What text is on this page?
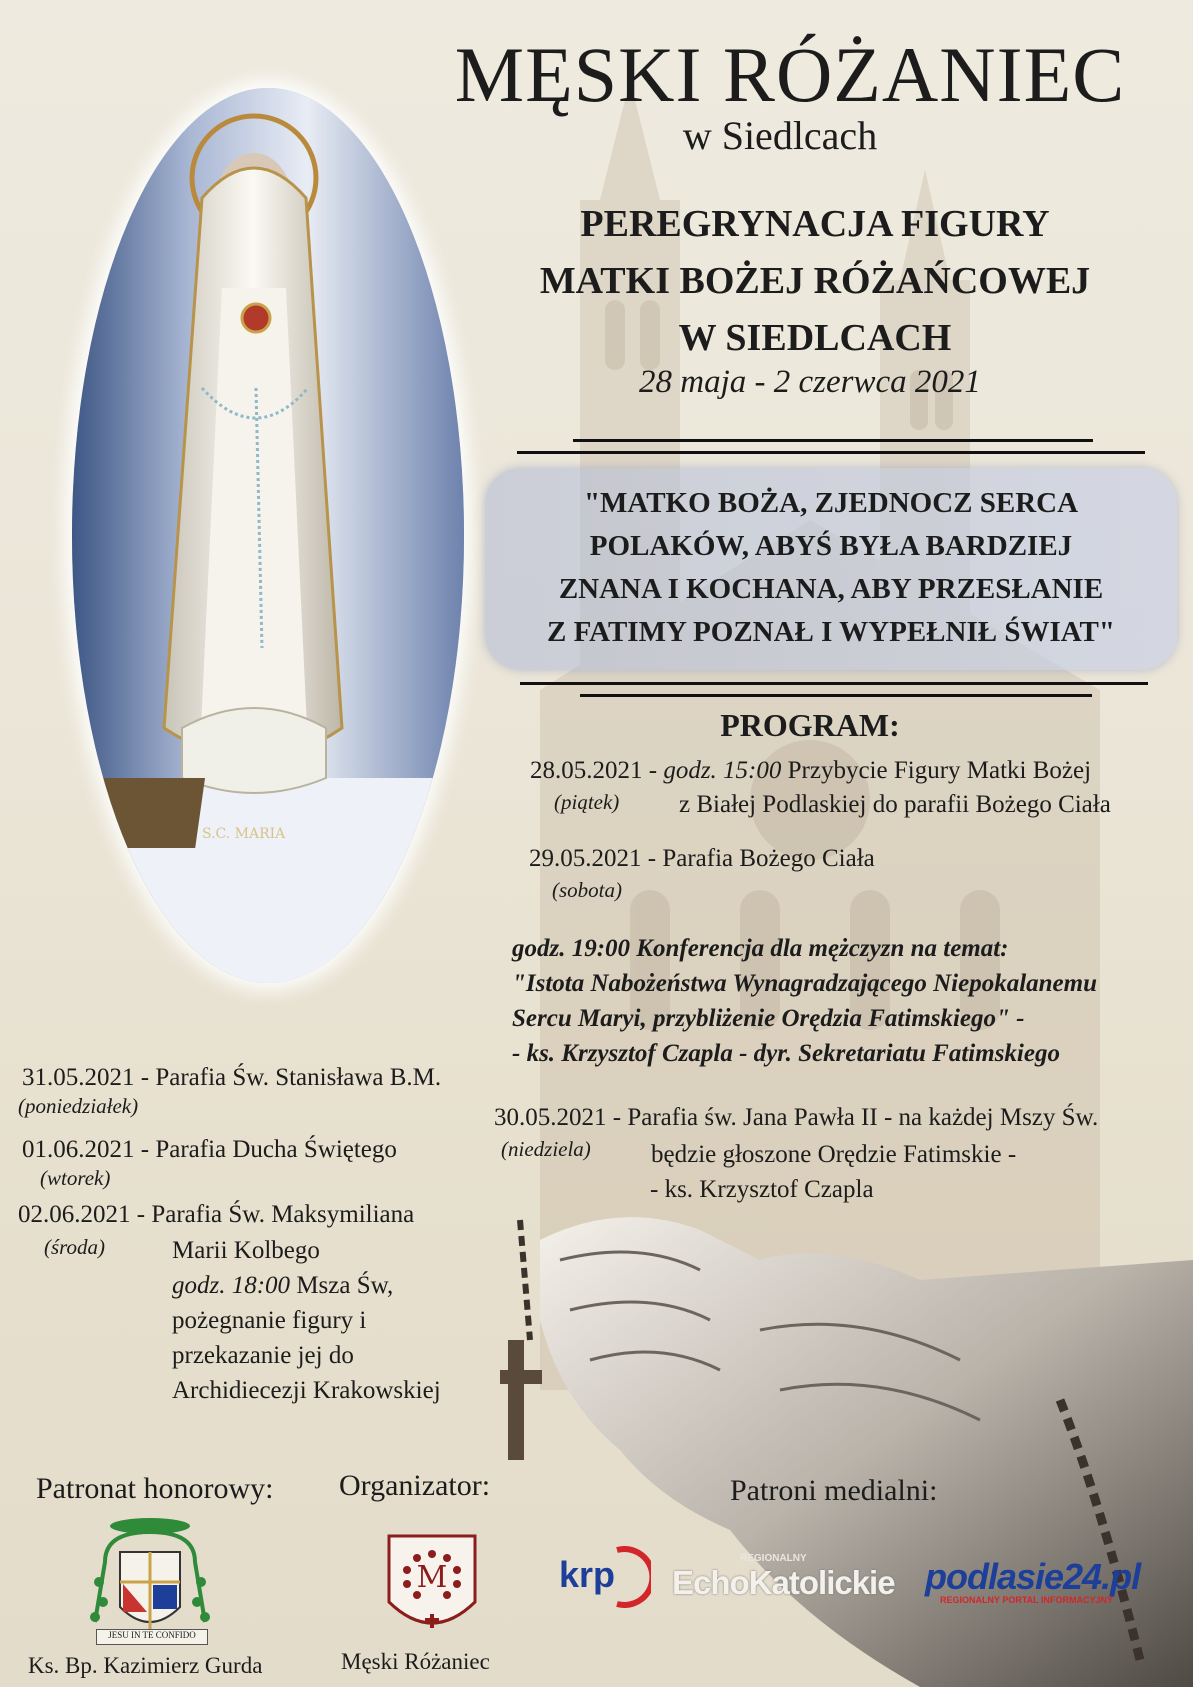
S.C. MARIA
MĘSKI RÓŻANIEC
w Siedlcach
PEREGRYNACJA FIGURY
MATKI BOŻEJ RÓŻAŃCOWEJ
W SIEDLCACH
28 maja - 2 czerwca 2021
"MATKO BOŻA, ZJEDNOCZ SERCA
POLAKÓW, ABYŚ BYŁA BARDZIEJ
ZNANA I KOCHANA, ABY PRZESŁANIE
Z FATIMY POZNAŁ I WYPEŁNIŁ ŚWIAT"
PROGRAM:
28.05.2021 - godz. 15:00 Przybycie Figury Matki Bożej
(piątek) z Białej Podlaskiej do parafii Bożego Ciała
29.05.2021 - Parafia Bożego Ciała
(sobota)
godz. 19:00 Konferencja dla mężczyzn na temat:
"Istota Nabożeństwa Wynagradzającego Niepokalanemu
Sercu Maryi, przybliżenie Orędzia Fatimskiego" -
- ks. Krzysztof Czapla - dyr. Sekretariatu Fatimskiego
30.05.2021 - Parafia św. Jana Pawła II - na każdej Mszy Św.
(niedziela) będzie głoszone Orędzie Fatimskie -
- ks. Krzysztof Czapla
31.05.2021 - Parafia Św. Stanisława B.M.
(poniedziałek)
01.06.2021 - Parafia Ducha Świętego
(wtorek)
02.06.2021 - Parafia Św. Maksymiliana
(środa)	Marii Kolbego
godz. 18:00 Msza Św,
pożegnanie figury i
przekazanie jej do
Archidiecezji Krakowskiej
Patronat honorowy: Organizator:	Patroni medialni:
JESU IN TE CONFIDO
Ks. Bp. Kazimierz Gurda
M
Męski Różaniec
krp	REGIONALNY
EchoKatolickie podlasie24.pl
REGIONALNY PORTAL INFORMACYJNY
